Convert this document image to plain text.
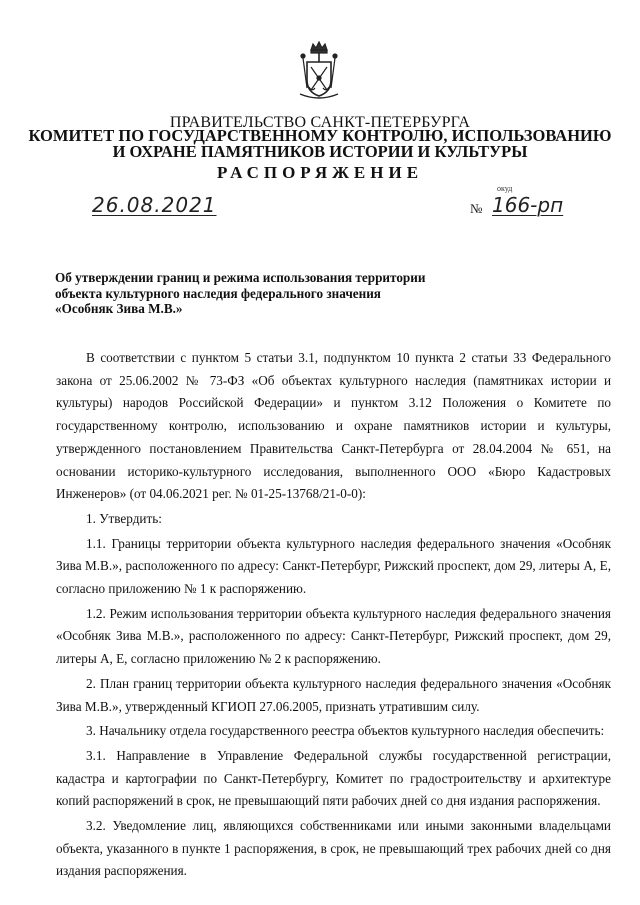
ПРАВИТЕЛЬСТВО САНКТ-ПЕТЕРБУРГА
КОМИТЕТ ПО ГОСУДАРСТВЕННОМУ КОНТРОЛЮ, ИСПОЛЬЗОВАНИЮ
И ОХРАНЕ ПАМЯТНИКОВ ИСТОРИИ И КУЛЬТУРЫ
РАСПОРЯЖЕНИЕ
26.08.2021
окуд
№ 166-рп
Об утверждении границ и режима использования территории
объекта культурного наследия федерального значения
«Особняк Зива М.В.»

В соответствии с пунктом 5 статьи 3.1, подпунктом 10 пункта 2 статьи 33 Федерального закона от 25.06.2002 № 73-ФЗ «Об объектах культурного наследия (памятниках истории и культуры) народов Российской Федерации» и пунктом 3.12 Положения о Комитете по государственному контролю, использованию и охране памятников истории и культуры, утвержденного постановлением Правительства Санкт-Петербурга от 28.04.2004 № 651, на основании историко-культурного исследования, выполненного ООО «Бюро Кадастровых Инженеров» (от 04.06.2021 рег. № 01-25-13768/21-0-0):

1. Утвердить:

1.1. Границы территории объекта культурного наследия федерального значения «Особняк Зива М.В.», расположенного по адресу: Санкт-Петербург, Рижский проспект, дом 29, литеры А, Е, согласно приложению № 1 к распоряжению.

1.2. Режим использования территории объекта культурного наследия федерального значения «Особняк Зива М.В.», расположенного по адресу: Санкт-Петербург, Рижский проспект, дом 29, литеры А, Е, согласно приложению № 2 к распоряжению.

2. План границ территории объекта культурного наследия федерального значения «Особняк Зива М.В.», утвержденный КГИОП 27.06.2005, признать утратившим силу.

3. Начальнику отдела государственного реестра объектов культурного наследия обеспечить:

3.1. Направление в Управление Федеральной службы государственной регистрации, кадастра и картографии по Санкт-Петербургу, Комитет по градостроительству и архитектуре копий распоряжений в срок, не превышающий пяти рабочих дней со дня издания распоряжения.

3.2. Уведомление лиц, являющихся собственниками или иными законными владельцами объекта, указанного в пункте 1 распоряжения, в срок, не превышающий трех рабочих дней со дня издания распоряжения.
